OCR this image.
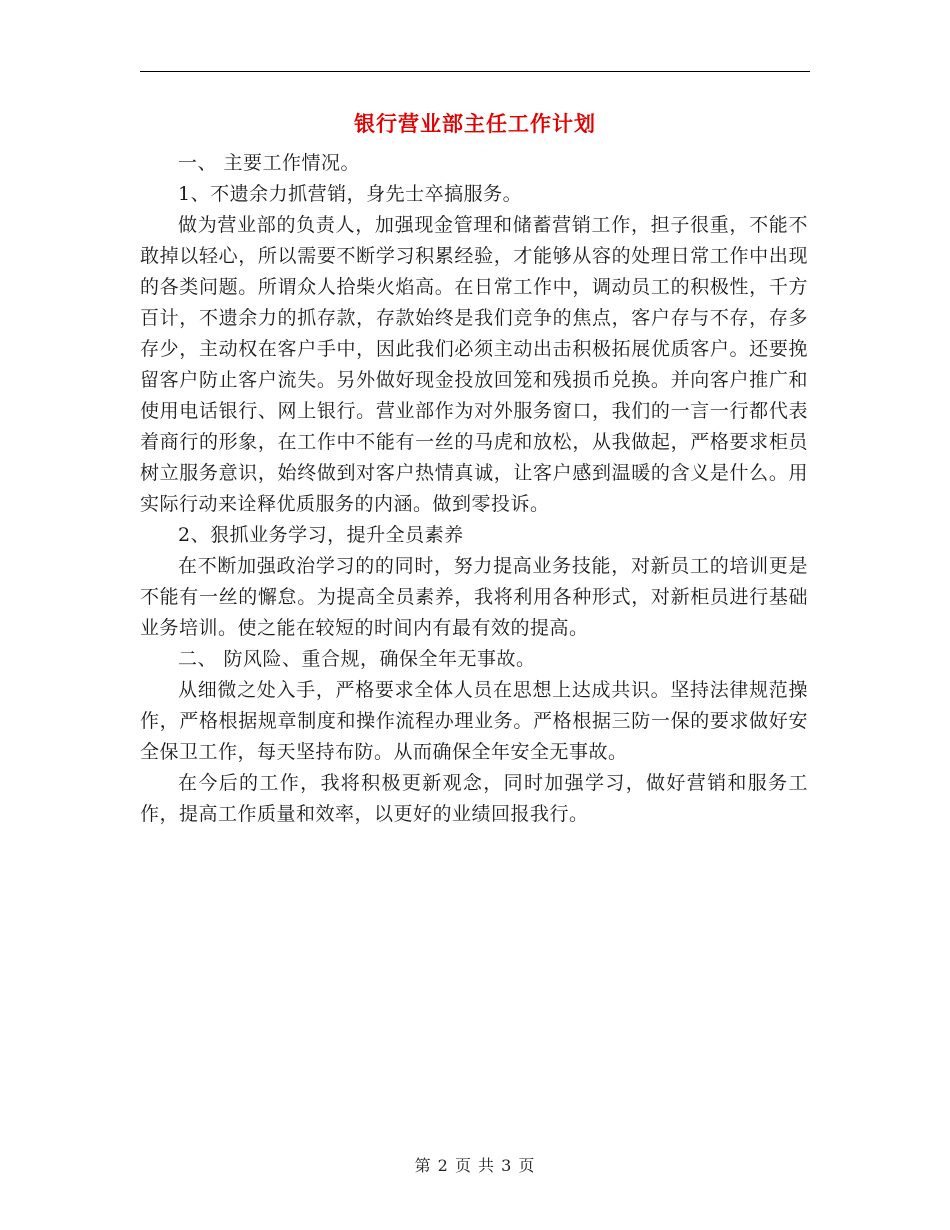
银行营业部主任工作计划

一、 主要工作情况。

1、不遗余力抓营销，身先士卒搞服务。

做为营业部的负责人，加强现金管理和储蓄营销工作，担子很重，不能不敢掉以轻心，所以需要不断学习积累经验，才能够从容的处理日常工作中出现的各类问题。所谓众人拾柴火焰高。在日常工作中，调动员工的积极性，千方百计，不遗余力的抓存款，存款始终是我们竞争的焦点，客户存与不存，存多存少，主动权在客户手中，因此我们必须主动出击积极拓展优质客户。还要挽留客户防止客户流失。另外做好现金投放回笼和残损币兑换。并向客户推广和使用电话银行、网上银行。营业部作为对外服务窗口，我们的一言一行都代表着商行的形象，在工作中不能有一丝的马虎和放松，从我做起，严格要求柜员树立服务意识，始终做到对客户热情真诚，让客户感到温暖的含义是什么。用实际行动来诠释优质服务的内涵。做到零投诉。

2、狠抓业务学习，提升全员素养

在不断加强政治学习的的同时，努力提高业务技能，对新员工的培训更是不能有一丝的懈怠。为提高全员素养，我将利用各种形式，对新柜员进行基础业务培训。使之能在较短的时间内有最有效的提高。

二、 防风险、重合规，确保全年无事故。

从细微之处入手，严格要求全体人员在思想上达成共识。坚持法律规范操作，严格根据规章制度和操作流程办理业务。严格根据三防一保的要求做好安全保卫工作，每天坚持布防。从而确保全年安全无事故。

在今后的工作，我将积极更新观念，同时加强学习，做好营销和服务工作，提高工作质量和效率，以更好的业绩回报我行。

第 2 页 共 3 页
